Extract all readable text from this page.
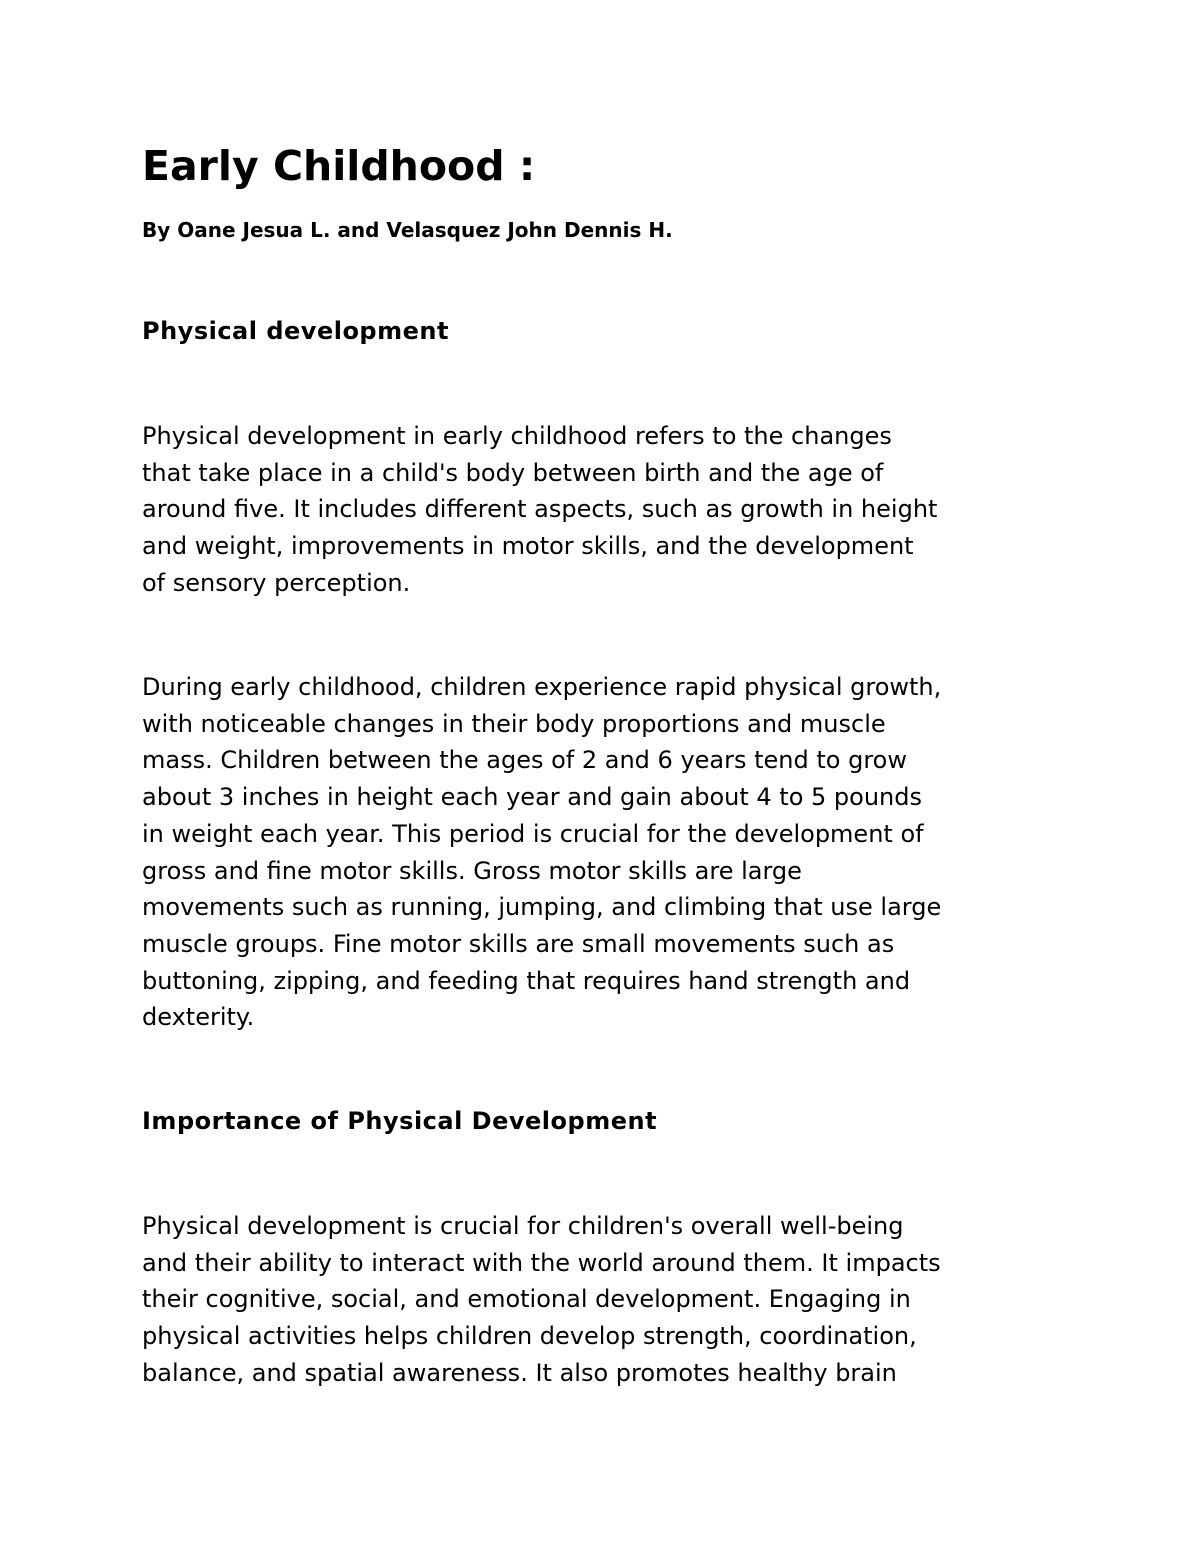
Early Childhood :

By Oane Jesua L. and Velasquez John Dennis H.

Physical development

Physical development in early childhood refers to the changes
that take place in a child's body between birth and the age of
around five. It includes different aspects, such as growth in height
and weight, improvements in motor skills, and the development
of sensory perception.

During early childhood, children experience rapid physical growth,
with noticeable changes in their body proportions and muscle
mass. Children between the ages of 2 and 6 years tend to grow
about 3 inches in height each year and gain about 4 to 5 pounds
in weight each year. This period is crucial for the development of
gross and fine motor skills. Gross motor skills are large
movements such as running, jumping, and climbing that use large
muscle groups. Fine motor skills are small movements such as
buttoning, zipping, and feeding that requires hand strength and
dexterity.

Importance of Physical Development

Physical development is crucial for children's overall well-being
and their ability to interact with the world around them. It impacts
their cognitive, social, and emotional development. Engaging in
physical activities helps children develop strength, coordination,
balance, and spatial awareness. It also promotes healthy brain
